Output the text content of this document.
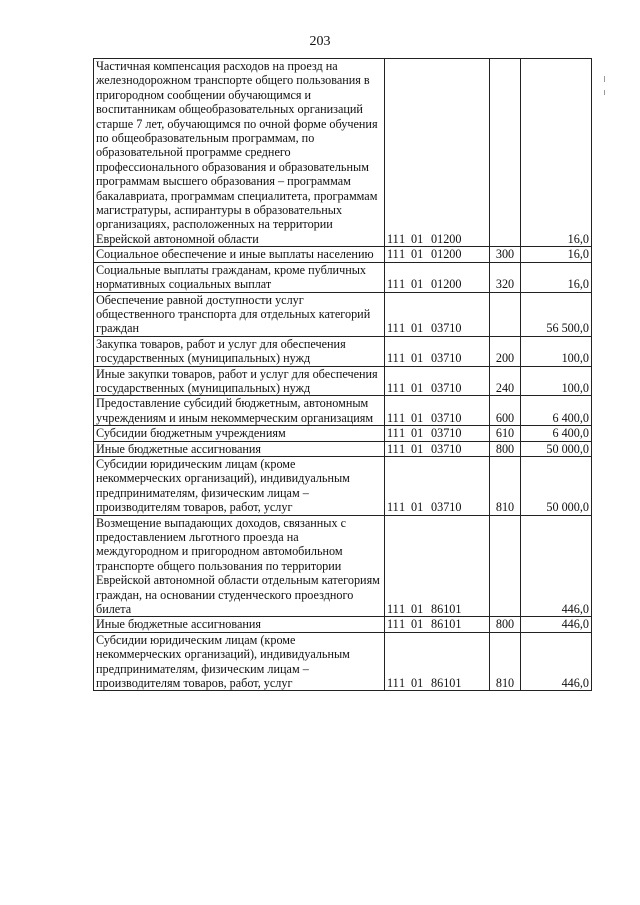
203
Частичная компенсация расходов на проезд на железнодорожном транспорте общего пользования в пригородном сообщении обучающимся и воспитанникам общеобразовательных организаций старше 7 лет, обучающимся по очной форме обучения по общеобразовательным программам, по образовательной программе среднего профессионального образования и образовательным программам высшего образования – программам бакалавриата, программам специалитета, программам магистратуры, аспирантуры в образовательных организациях, расположенных на территории Еврейской автономной области	111 01 01200		16,0
Социальное обеспечение и иные выплаты населению	111 01 01200	300	16,0
Социальные выплаты гражданам, кроме публичных нормативных социальных выплат	111 01 01200	320	16,0
Обеспечение равной доступности услуг общественного транспорта для отдельных категорий граждан	111 01 03710		56 500,0
Закупка товаров, работ и услуг для обеспечения государственных (муниципальных) нужд	111 01 03710	200	100,0
Иные закупки товаров, работ и услуг для обеспечения государственных (муниципальных) нужд	111 01 03710	240	100,0
Предоставление субсидий бюджетным, автономным учреждениям и иным некоммерческим организациям	111 01 03710	600	6 400,0
Субсидии бюджетным учреждениям	111 01 03710	610	6 400,0
Иные бюджетные ассигнования	111 01 03710	800	50 000,0
Субсидии юридическим лицам (кроме некоммерческих организаций), индивидуальным предпринимателям, физическим лицам – производителям товаров, работ, услуг	111 01 03710	810	50 000,0
Возмещение выпадающих доходов, связанных с предоставлением льготного проезда на междугородном и пригородном автомобильном транспорте общего пользования по территории Еврейской автономной области отдельным категориям граждан, на основании студенческого проездного билета	111 01 86101		446,0
Иные бюджетные ассигнования	111 01 86101	800	446,0
Субсидии юридическим лицам (кроме некоммерческих организаций), индивидуальным предпринимателям, физическим лицам – производителям товаров, работ, услуг	111 01 86101	810	446,0
